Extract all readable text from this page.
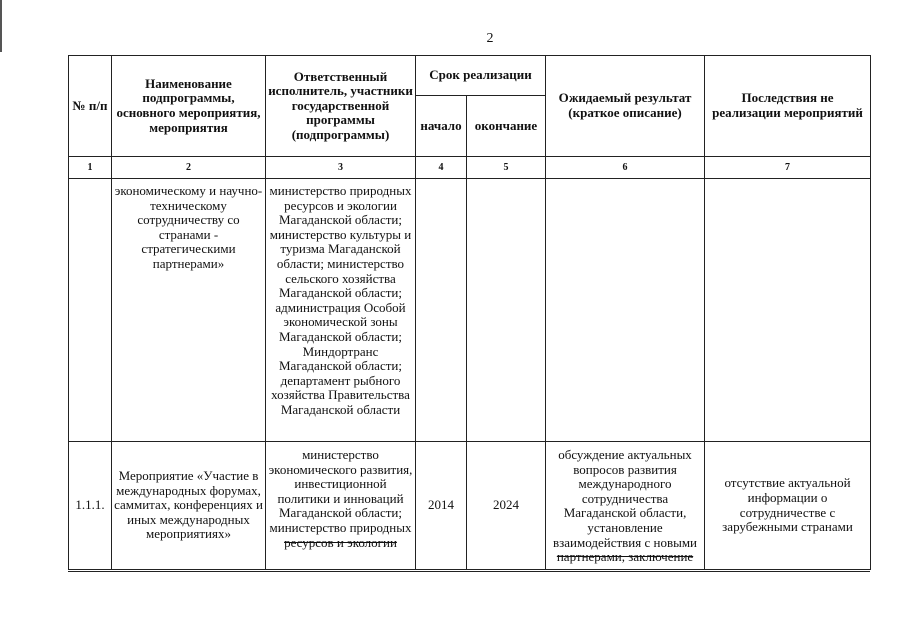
2
№ п/п	Наименование подпрограммы, основного мероприятия, мероприятия	Ответственный исполнитель, участники государственной программы (подпрограммы)	Срок реализации		Ожидаемый результат (краткое описание)	Последствия не реализации мероприятий
			начало	окончание		
1	2	3	4	5	6	7
	экономическому и научно-техническому сотрудничеству со странами - стратегическими партнерами»	министерство природных ресурсов и экологии Магаданской области; министерство культуры и туризма Магаданской области; министерство сельского хозяйства Магаданской области; администрация Особой экономической зоны Магаданской области; Миндортранс Магаданской области; департамент рыбного хозяйства Правительства Магаданской области				
1.1.1.	Мероприятие «Участие в международных форумах, саммитах, конференциях и иных международных мероприятиях»	министерство экономического развития, инвестиционной политики и инноваций Магаданской области; министерство природных ресурсов и экологии	2014	2024	обсуждение актуальных вопросов развития международного сотрудничества Магаданской области, установление взаимодействия с новыми партнерами, заключение	отсутствие актуальной информации о сотрудничестве с зарубежными странами
